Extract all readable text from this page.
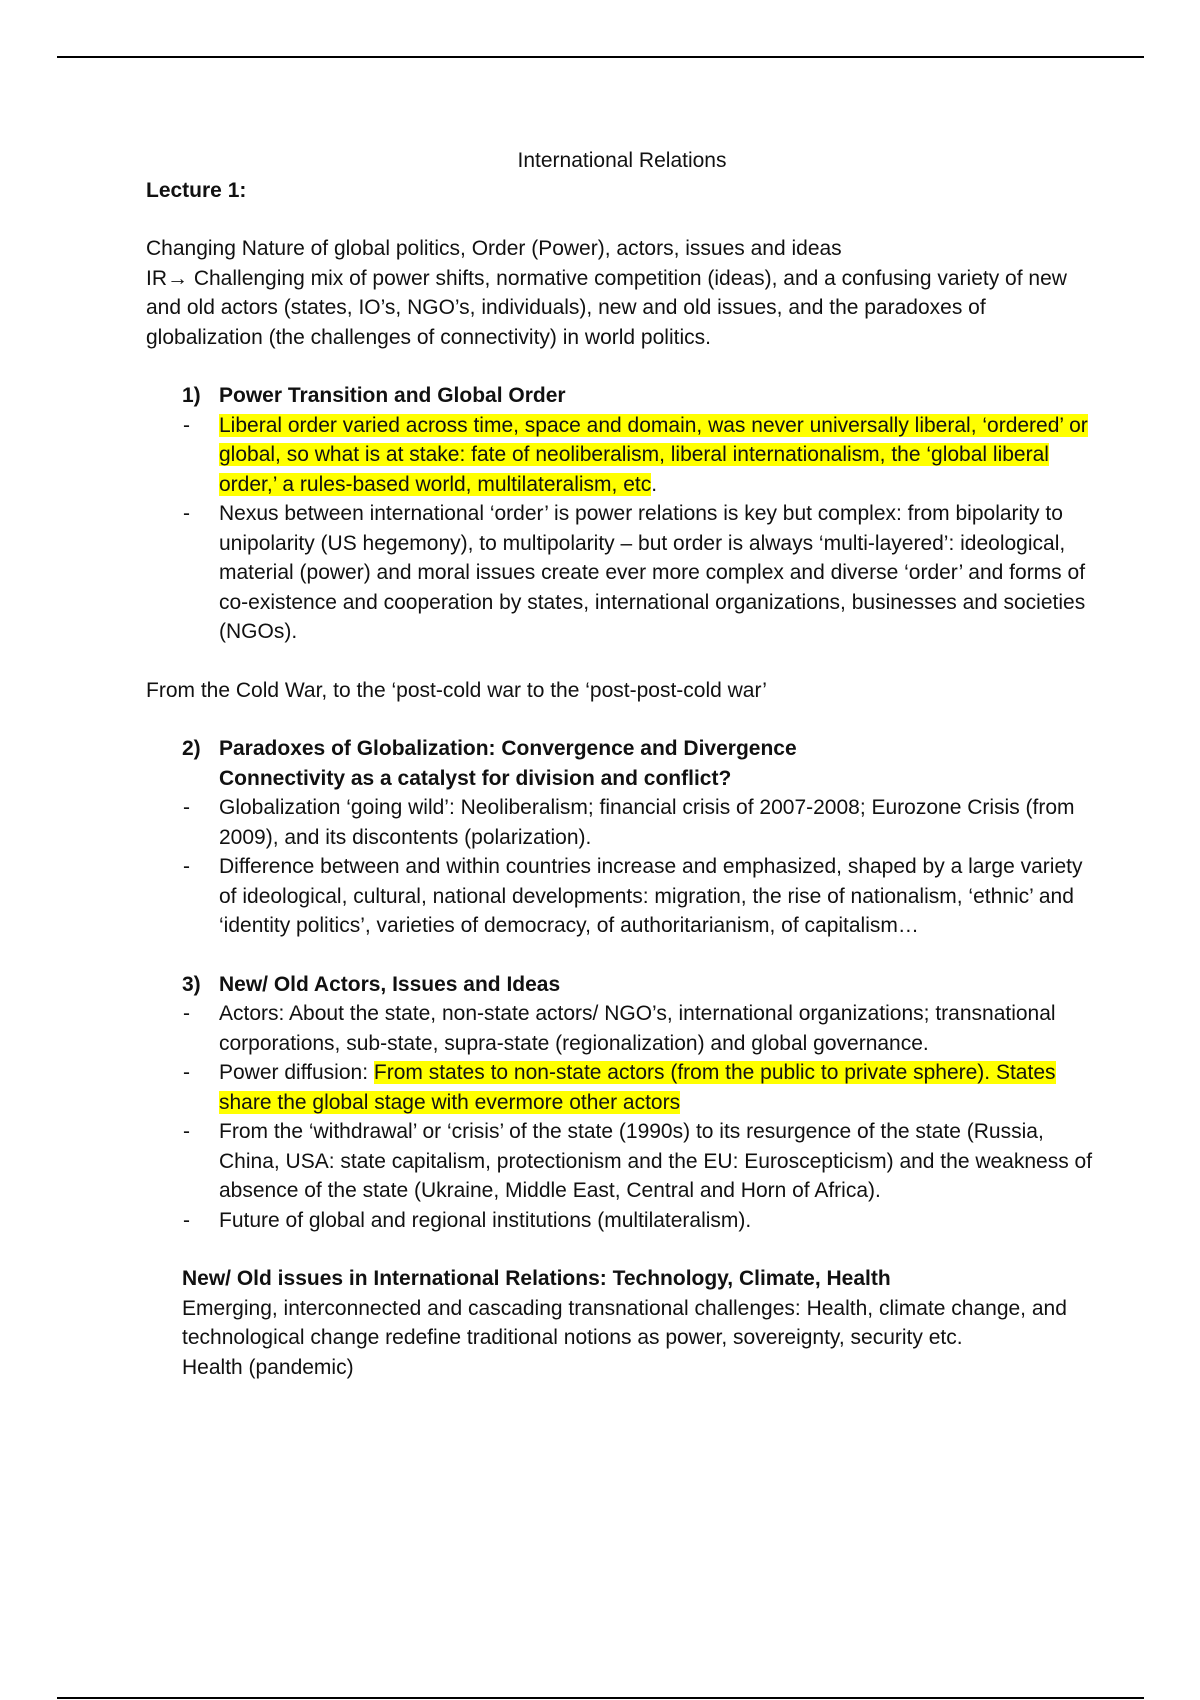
International Relations

Lecture 1:

Changing Nature of global politics, Order (Power), actors, issues and ideas

IR→ Challenging mix of power shifts, normative competition (ideas), and a confusing variety of new and old actors (states, IO’s, NGO’s, individuals), new and old issues, and the paradoxes of globalization (the challenges of connectivity) in world politics.

1) Power Transition and Global Order
- Liberal order varied across time, space and domain, was never universally liberal, ‘ordered’ or global, so what is at stake: fate of neoliberalism, liberal internationalism, the ‘global liberal order,’ a rules-based world, multilateralism, etc.
- Nexus between international ‘order’ is power relations is key but complex: from bipolarity to unipolarity (US hegemony), to multipolarity – but order is always ‘multi-layered’: ideological, material (power) and moral issues create ever more complex and diverse ‘order’ and forms of co-existence and cooperation by states, international organizations, businesses and societies (NGOs).

From the Cold War, to the ‘post-cold war to the ‘post-post-cold war’

2) Paradoxes of Globalization: Convergence and Divergence
Connectivity as a catalyst for division and conflict?
- Globalization ‘going wild’: Neoliberalism; financial crisis of 2007-2008; Eurozone Crisis (from 2009), and its discontents (polarization).
- Difference between and within countries increase and emphasized, shaped by a large variety of ideological, cultural, national developments: migration, the rise of nationalism, ‘ethnic’ and ‘identity politics’, varieties of democracy, of authoritarianism, of capitalism…
3) New/ Old Actors, Issues and Ideas
- Actors: About the state, non-state actors/ NGO’s, international organizations; transnational corporations, sub-state, supra-state (regionalization) and global governance.
- Power diffusion: From states to non-state actors (from the public to private sphere). States share the global stage with evermore other actors
- From the ‘withdrawal’ or ‘crisis’ of the state (1990s) to its resurgence of the state (Russia, China, USA: state capitalism, protectionism and the EU: Euroscepticism) and the weakness of absence of the state (Ukraine, Middle East, Central and Horn of Africa).
- Future of global and regional institutions (multilateralism).

New/ Old issues in International Relations: Technology, Climate, Health

Emerging, interconnected and cascading transnational challenges: Health, climate change, and technological change redefine traditional notions as power, sovereignty, security etc.

Health (pandemic)
